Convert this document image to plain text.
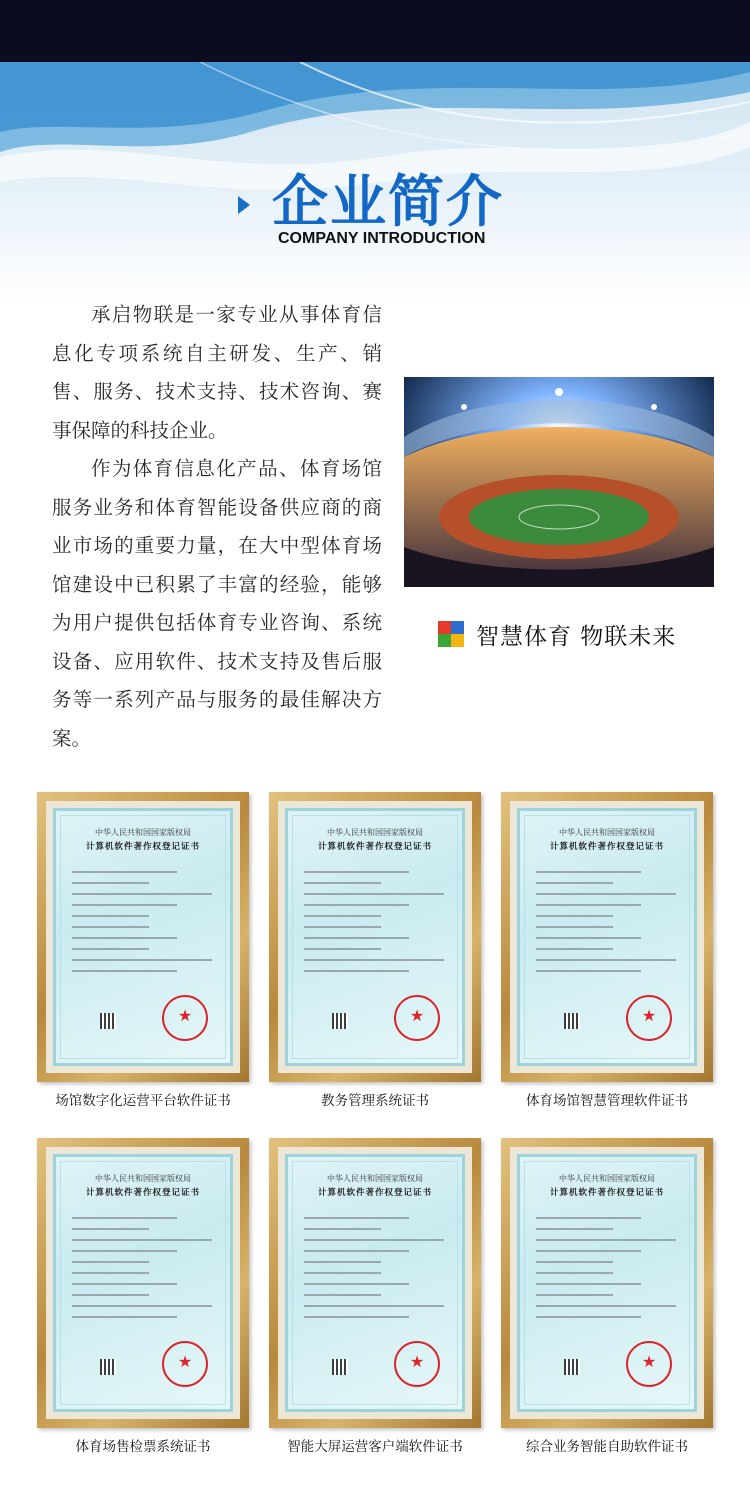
企业简介
COMPANY INTRODUCTION

承启物联是一家专业从事体育信息化专项系统自主研发、生产、销售、服务、技术支持、技术咨询、赛事保障的科技企业。

作为体育信息化产品、体育场馆服务业务和体育智能设备供应商的商业市场的重要力量，在大中型体育场馆建设中已积累了丰富的经验，能够为用户提供包括体育专业咨询、系统设备、应用软件、技术支持及售后服务等一系列产品与服务的最佳解决方案。

智慧体育 物联未来
中华人民共和国国家版权局
计算机软件著作权登记证书
★
场馆数字化运营平台软件证书
中华人民共和国国家版权局
计算机软件著作权登记证书
★
教务管理系统证书
中华人民共和国国家版权局
计算机软件著作权登记证书
★
体育场馆智慧管理软件证书
中华人民共和国国家版权局
计算机软件著作权登记证书
★
体育场售检票系统证书
中华人民共和国国家版权局
计算机软件著作权登记证书
★
智能大屏运营客户端软件证书
中华人民共和国国家版权局
计算机软件著作权登记证书
★
综合业务智能自助软件证书
